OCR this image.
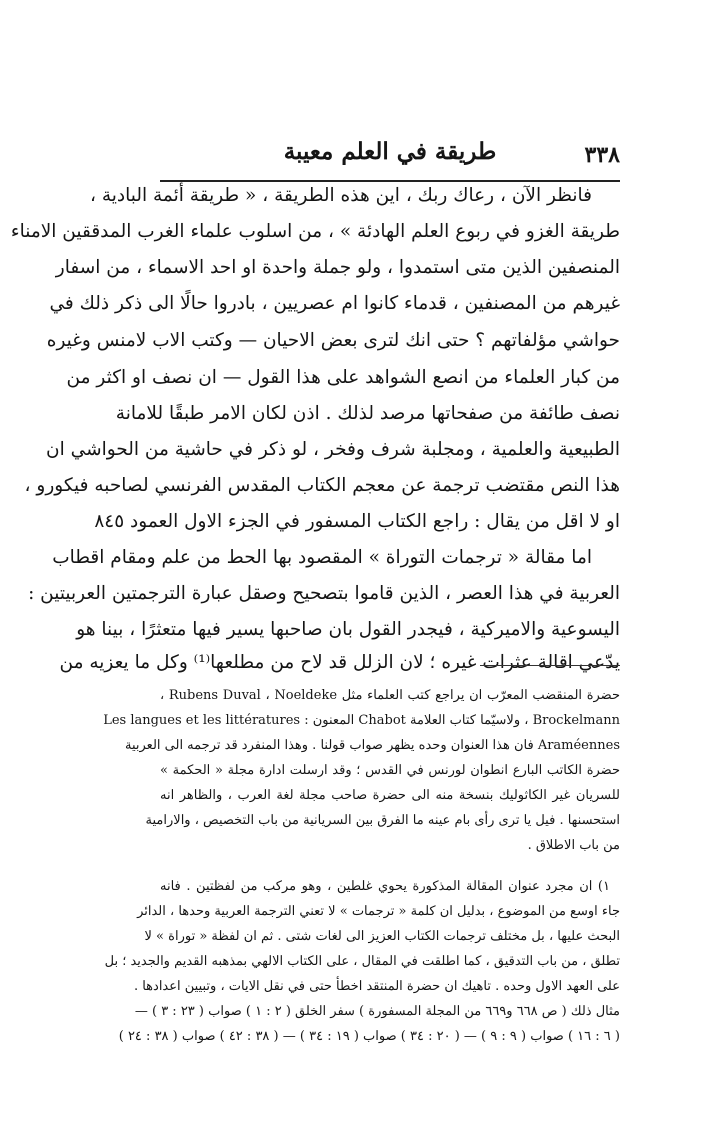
٣٣٨
طريقة في العلم معيبة
فانظر الآن ، رعاك ربك ، اين هذه الطريقة ، « طريقة أئمة البادية ،
طريقة الغزو في ربوع العلم الهادئة » ، من اسلوب علماء الغرب المدققين الامناء
المنصفين الذين متى استمدوا ، ولو جملة واحدة او احد الاسماء ، من اسفار
غيرهم من المصنفين ، قدماء كانوا ام عصريين ، بادروا حالًا الى ذكر ذلك في
حواشي مؤلفاتهم ؟ حتى انك لترى بعض الاحيان — وكتب الاب لامنس وغيره
من كبار العلماء من انصع الشواهد على هذا القول — ان نصف او اكثر من
نصف طائفة من صفحاتها مرصد لذلك . اذن لكان الامر طبقًا للامانة
الطبيعية والعلمية ، ومجلبة شرف وفخر ، لو ذكر في حاشية من الحواشي ان
هذا النص مقتضب ترجمة عن معجم الكتاب المقدس الفرنسي لصاحبه فيكورو ،
او لا اقل من يقال : راجع الكتاب المسفور في الجزء الاول العمود ٨٤٥
اما مقالة « ترجمات التوراة » المقصود بها الحط من علم ومقام اقطاب
العربية في هذا العصر ، الذين قاموا بتصحيح وصقل عبارة الترجمتين العربيتين :
اليسوعية والاميركية ، فيجدر القول بان صاحبها يسير فيها متعثرًا ، بينا هو
يدّعي اقالة عثرات غيره ؛ لان الزلل قد لاح من مطلعها⁽¹⁾ وكل ما يعزيه من
حضرة المنقضب المعرّب ان يراجع كتب العلماء مثل Rubens Duval ، Noeldeke ،
Brockelmann ، ولاسيّما كتاب العلامة Chabot المعنون : Les langues et les littératures
Araméennes فان هذا العنوان وحده يظهر صواب قولنا . وهذا المنفرد قد ترجمه الى العربية
حضرة الكاتب البارع انطوان لورنس في القدس ؛ وقد ارسلت ادارة مجلة « الحكمة »
للسريان غير الكاثوليك بنسخة منه الى حضرة صاحب مجلة لغة العرب ، والظاهر انه
استحسنها . فيل يا ترى رأى بام عينه ما الفرق بين السريانية من باب التخصيص ، والارامية
من باب الاطلاق .
١) ان مجرد عنوان المقالة المذكورة يحوي غلطين ، وهو مركب من لفظتين . فانه
جاء اوسع من الموضوع ، بدليل ان كلمة « ترجمات » لا تعني الترجمة العربية وحدها ، الدائر
البحث عليها ، بل مختلف ترجمات الكتاب العزيز الى لغات شتى . ثم ان لفظة « توراة » لا
تطلق ، من باب التدقيق ، كما اطلقت في المقال ، على الكتاب الالهي بمذهبه القديم والجديد ؛ بل
على العهد الاول وحده . تاهيك ان حضرة المنتقد اخطأ حتى في نقل الايات ، وتبيين اعدادها .
مثال ذلك ( ص ٦٦٨ و٦٦٩ من المجلة المسفورة ) سفر الخلق ( ٢ : ١ ) صواب ( ٢٣ : ٣ ) —
( ٦ : ١٦ ) صواب ( ٩ : ٩ ) — ( ٢٠ : ٣٤ ) صواب ( ١٩ : ٣٤ ) — ( ٣٨ : ٤٢ ) صواب ( ٣٨ : ٢٤ )
